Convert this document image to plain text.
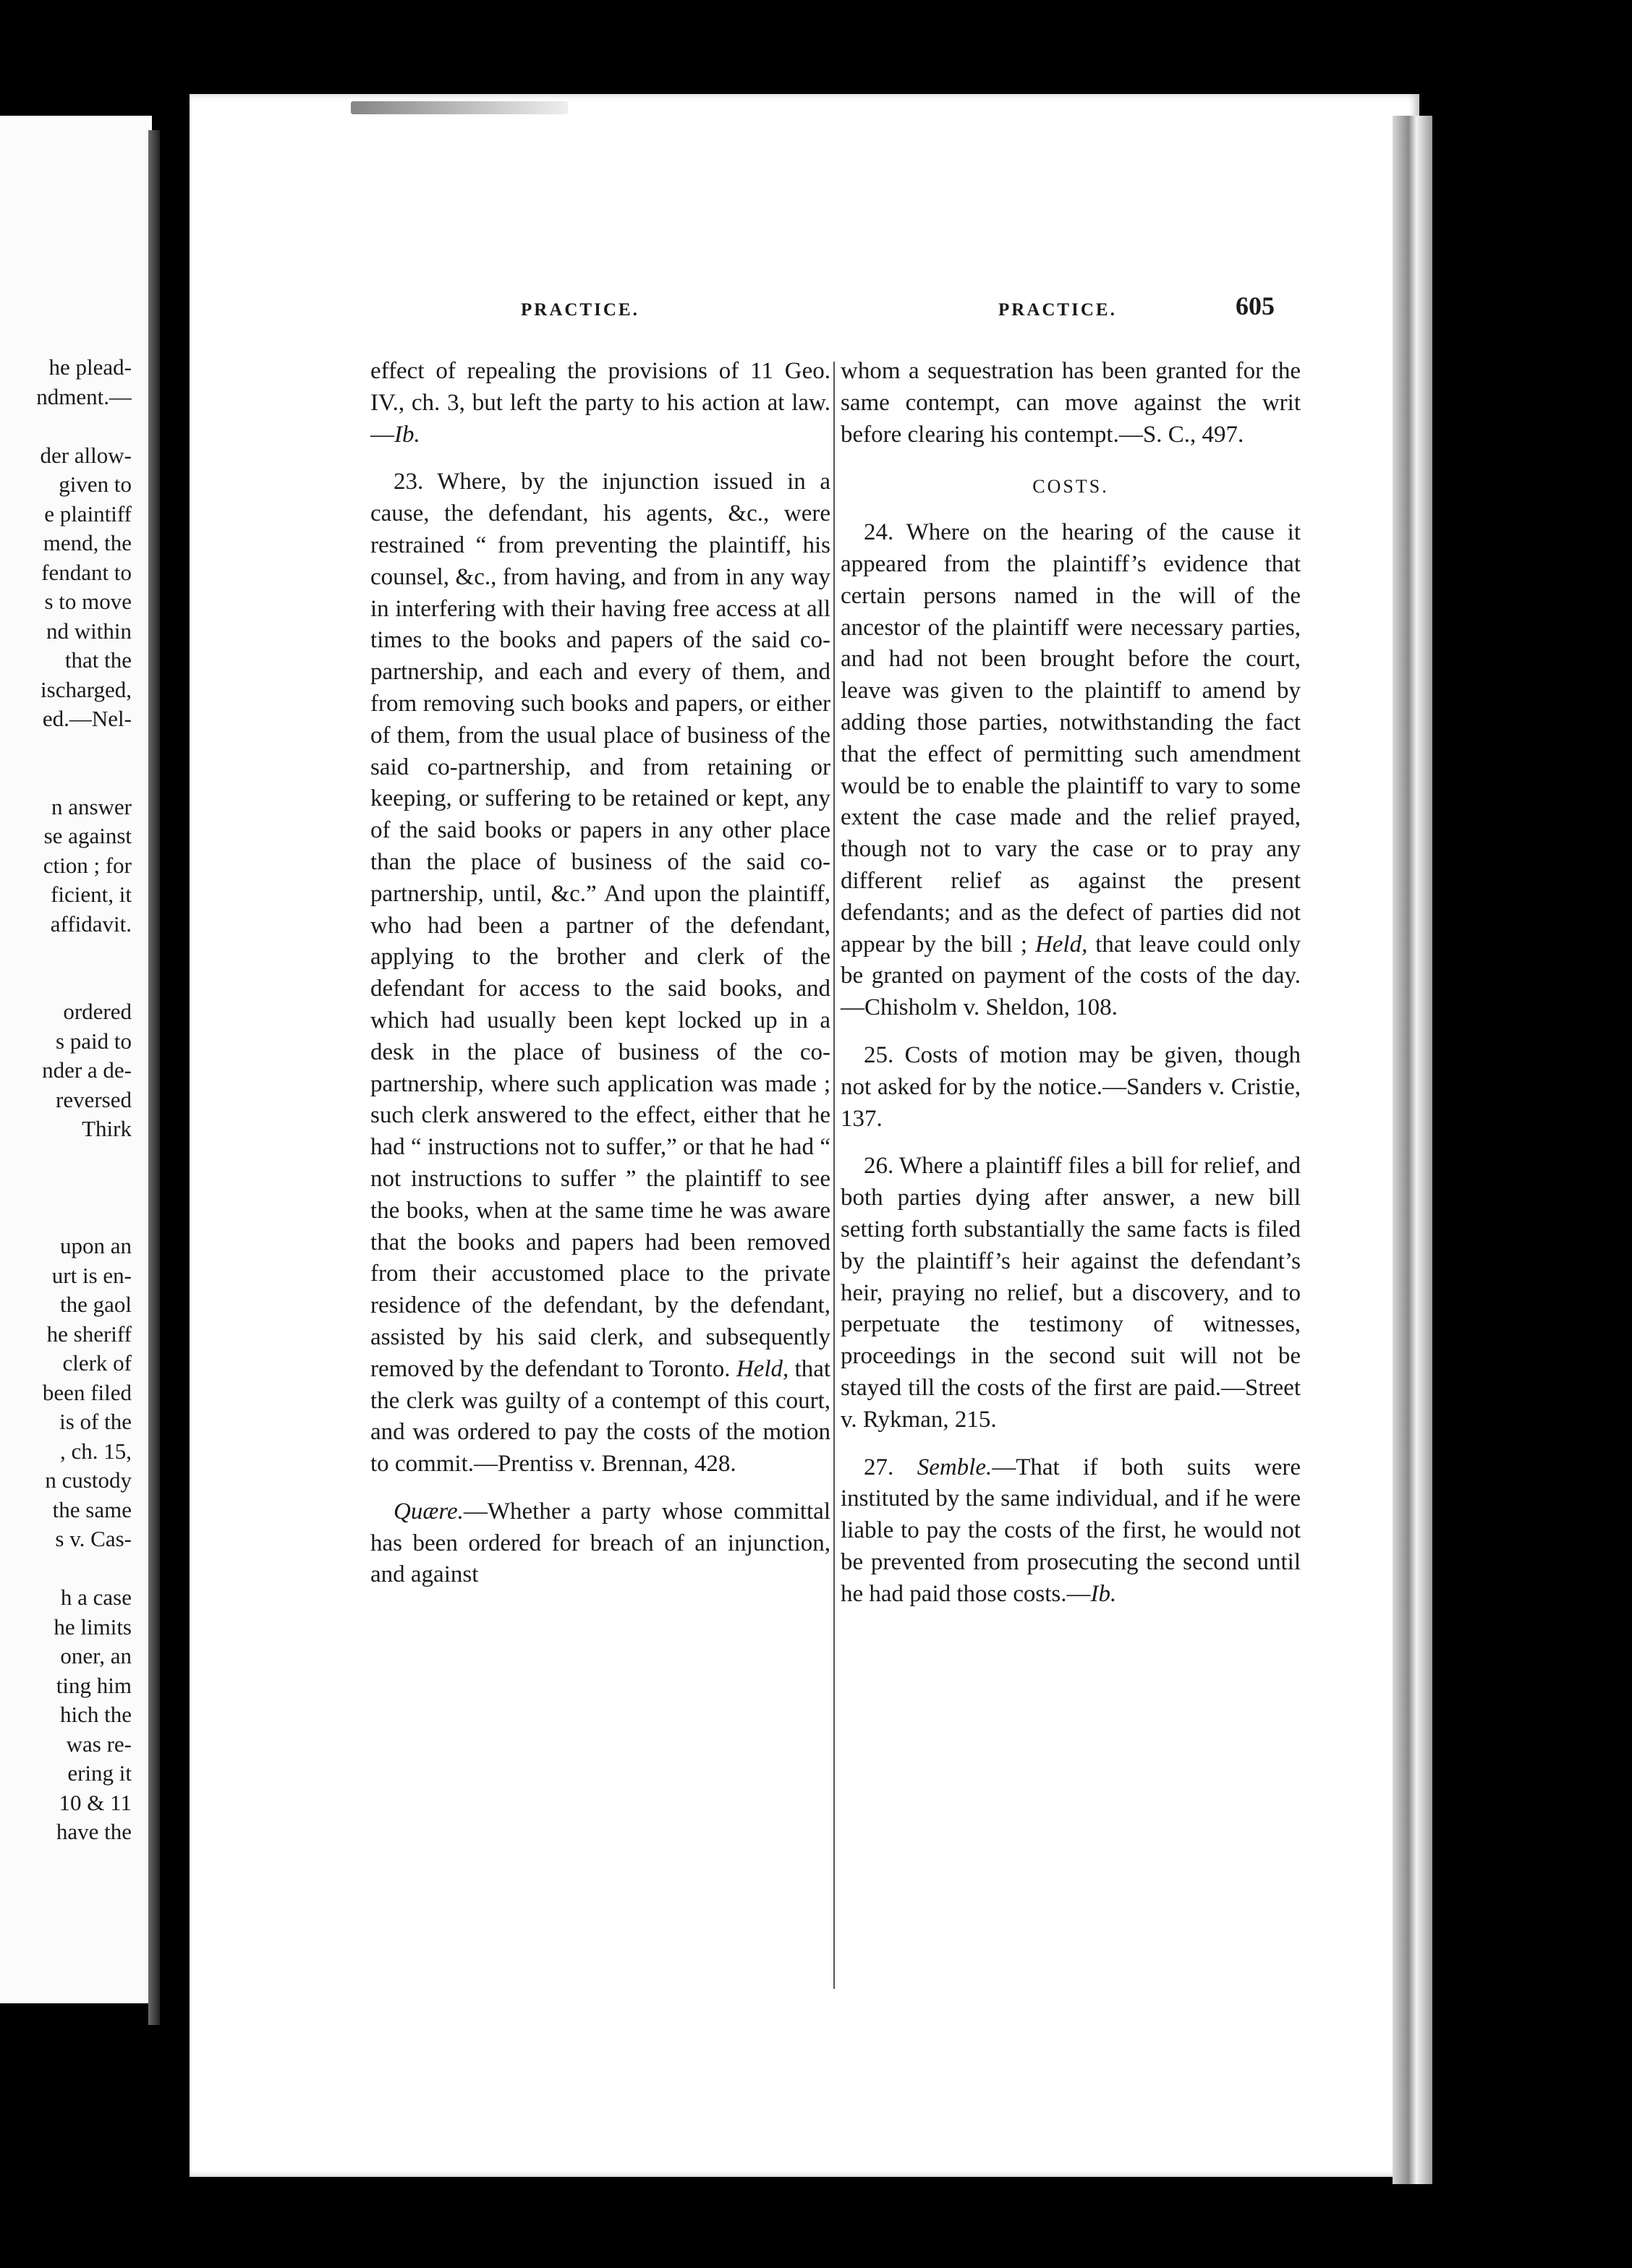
he plead-
ndment.—
der allow-
given to
e plaintiff
mend, the
fendant to
s to move
nd within
that the
ischarged,
ed.—Nel-
n answer
se against
ction ; for
ficient, it
affidavit.
ordered
s paid to
nder a de-
reversed
Thirk
upon an
urt is en-
the gaol
he sheriff
clerk of
been filed
is of the
, ch. 15,
n custody
the same
s v. Cas-
h a case
he limits
oner, an
ting him
hich the
was re-
ering it
10 & 11
have the
PRACTICE.	PRACTICE.	605

effect of repealing the provisions of 11 Geo. IV., ch. 3, but left the party to his action at law.—Ib.

23. Where, by the injunction issued in a cause, the defendant, his agents, &c., were restrained “ from preventing the plaintiff, his counsel, &c., from having, and from in any way in interfering with their having free access at all times to the books and papers of the said co-partnership, and each and every of them, and from removing such books and papers, or either of them, from the usual place of business of the said co-partnership, and from retaining or keeping, or suffering to be retained or kept, any of the said books or papers in any other place than the place of business of the said co-partnership, until, &c.” And upon the plaintiff, who had been a partner of the defendant, applying to the brother and clerk of the defendant for access to the said books, and which had usually been kept locked up in a desk in the place of business of the co-partnership, where such application was made ; such clerk answered to the effect, either that he had “ instructions not to suffer,” or that he had “ not instructions to suffer ” the plaintiff to see the books, when at the same time he was aware that the books and papers had been removed from their accustomed place to the private residence of the defendant, by the defendant, assisted by his said clerk, and subsequently removed by the defendant to Toronto. Held, that the clerk was guilty of a contempt of this court, and was ordered to pay the costs of the motion to commit.—Prentiss v. Brennan, 428.

Quære.—Whether a party whose committal has been ordered for breach of an injunction, and against

whom a sequestration has been granted for the same contempt, can move against the writ before clearing his contempt.—S. C., 497.

COSTS.

24. Where on the hearing of the cause it appeared from the plaintiff’s evidence that certain persons named in the will of the ancestor of the plaintiff were necessary parties, and had not been brought before the court, leave was given to the plaintiff to amend by adding those parties, notwithstanding the fact that the effect of permitting such amendment would be to enable the plaintiff to vary to some extent the case made and the relief prayed, though not to vary the case or to pray any different relief as against the present defendants; and as the defect of parties did not appear by the bill ; Held, that leave could only be granted on payment of the costs of the day.—Chisholm v. Sheldon, 108.

25. Costs of motion may be given, though not asked for by the notice.—Sanders v. Cristie, 137.

26. Where a plaintiff files a bill for relief, and both parties dying after answer, a new bill setting forth substantially the same facts is filed by the plaintiff’s heir against the defendant’s heir, praying no relief, but a discovery, and to perpetuate the testimony of witnesses, proceedings in the second suit will not be stayed till the costs of the first are paid.—Street v. Rykman, 215.

27. Semble.—That if both suits were instituted by the same individual, and if he were liable to pay the costs of the first, he would not be prevented from prosecuting the second until he had paid those costs.—Ib.
